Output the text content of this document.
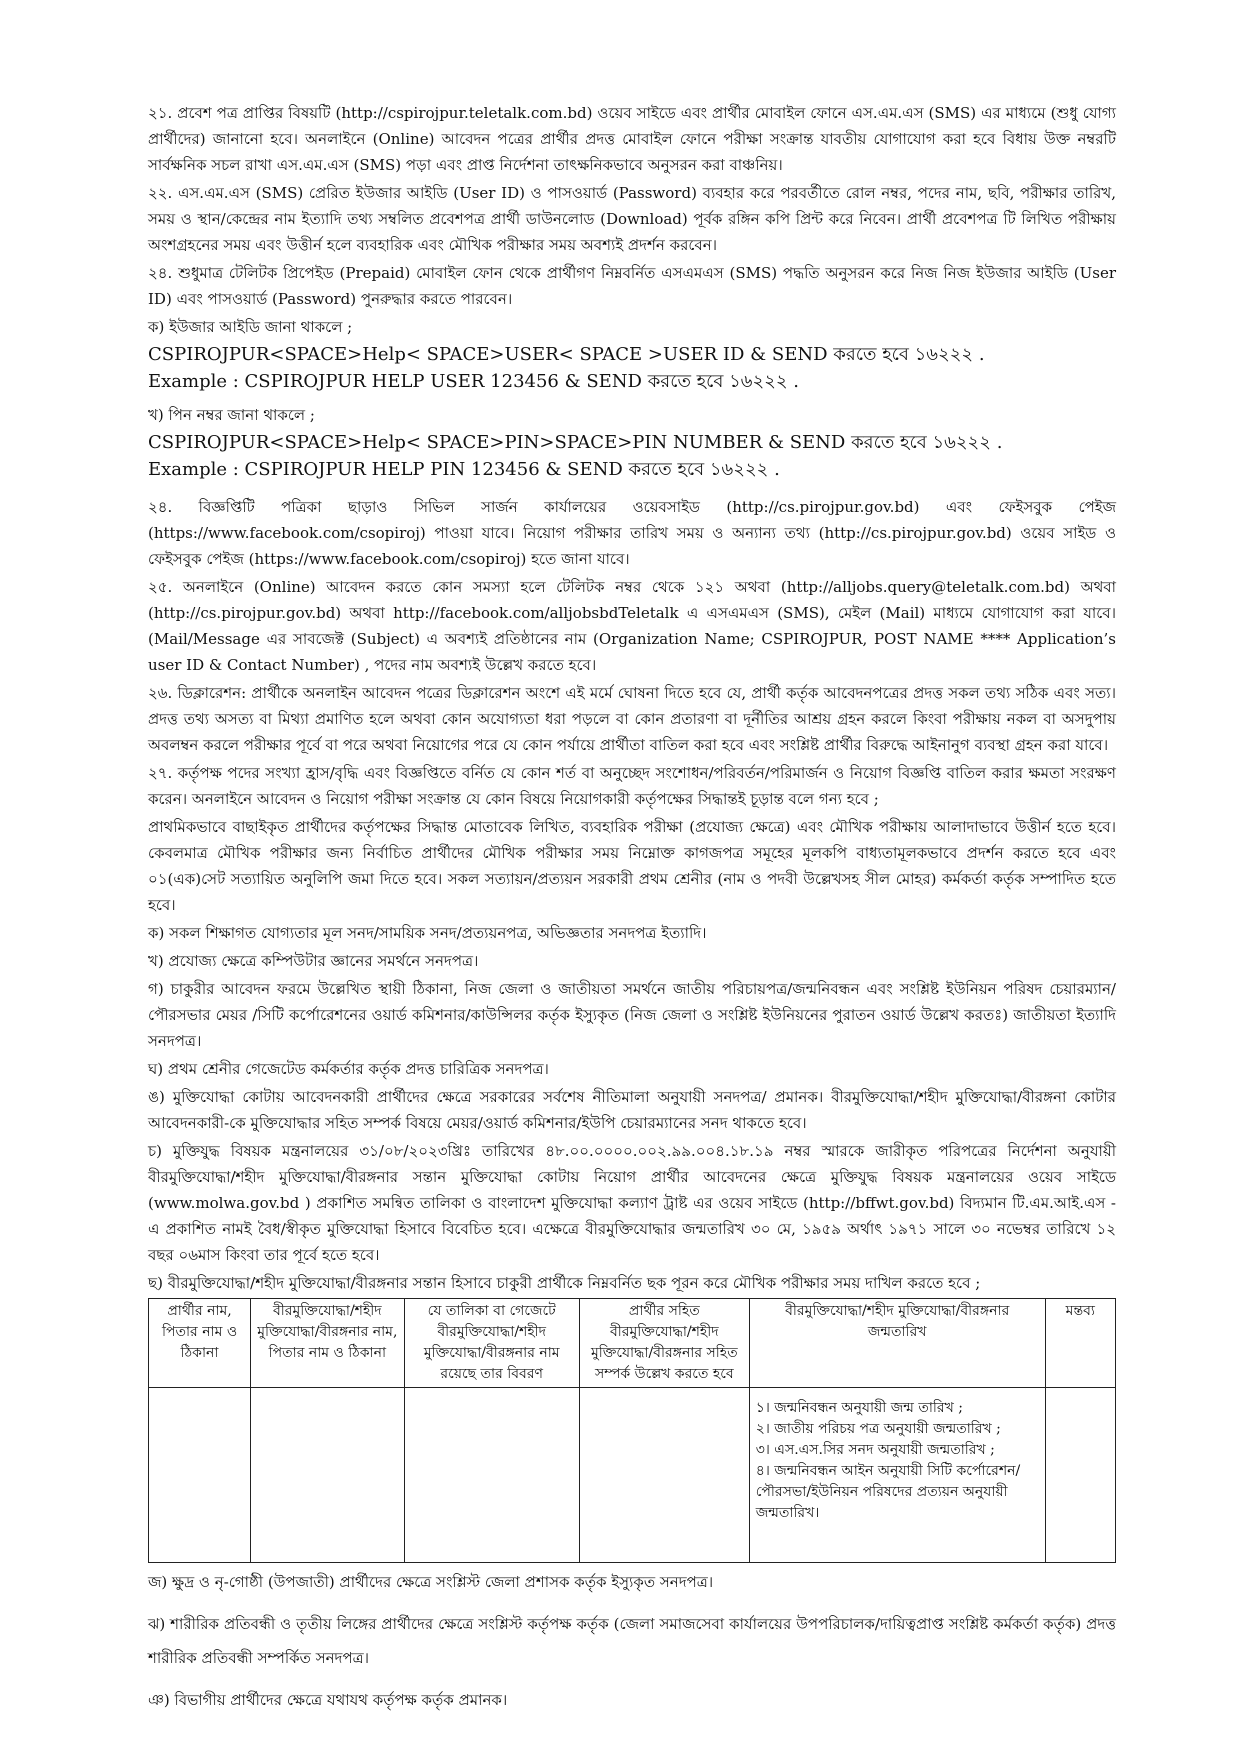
২১. প্রবেশ পত্র প্রাপ্তির বিষয়টি (http://cspirojpur.teletalk.com.bd) ওয়েব সাইডে এবং প্রার্থীর মোবাইল ফোনে এস.এম.এস (SMS) এর মাধ্যমে (শুধু যোগ্য প্রার্থীদের) জানানো হবে। অনলাইনে (Online) আবেদন পত্রের প্রার্থীর প্রদত্ত মোবাইল ফোনে পরীক্ষা সংক্রান্ত যাবতীয় যোগাযোগ করা হবে বিধায় উক্ত নম্বরটি সার্বক্ষনিক সচল রাখা এস.এম.এস (SMS) পড়া এবং প্রাপ্ত নির্দেশনা তাৎক্ষনিকভাবে অনুসরন করা বাঞ্চনিয়।

২২. এস.এম.এস (SMS) প্রেরিত ইউজার আইডি (User ID) ও পাসওয়ার্ড (Password) ব্যবহার করে পরবর্তীতে রোল নম্বর, পদের নাম, ছবি, পরীক্ষার তারিখ, সময় ও স্থান/কেন্দ্রের নাম ইত্যাদি তথ্য সম্বলিত প্রবেশপত্র প্রার্থী ডাউনলোড (Download) পূর্বক রঙ্গিন কপি প্রিন্ট করে নিবেন। প্রার্থী প্রবেশপত্র টি লিখিত পরীক্ষায় অংশগ্রহনের সময় এবং উত্তীর্ন হলে ব্যবহারিক এবং মৌখিক পরীক্ষার সময় অবশ্যই প্রদর্শন করবেন।

২৪. শুধুমাত্র টেলিটক প্রিপেইড (Prepaid) মোবাইল ফোন থেকে প্রার্থীগণ নিম্নবর্নিত এসএমএস (SMS) পদ্ধতি অনুসরন করে নিজ নিজ ইউজার আইডি (User ID) এবং পাসওয়ার্ড (Password) পুনরুদ্ধার করতে পারবেন।

ক) ইউজার আইডি জানা থাকলে ;

CSPIROJPUR<SPACE>Help< SPACE>USER< SPACE >USER ID & SEND করতে হবে ১৬২২২ .

Example : CSPIROJPUR HELP USER 123456 & SEND করতে হবে ১৬২২২ .

খ) পিন নম্বর জানা থাকলে ;

CSPIROJPUR<SPACE>Help< SPACE>PIN>SPACE>PIN NUMBER & SEND করতে হবে ১৬২২২ .

Example : CSPIROJPUR HELP PIN 123456 & SEND করতে হবে ১৬২২২ .

২৪. বিজ্ঞপ্তিটি পত্রিকা ছাড়াও সিভিল সার্জন কার্যালয়ের ওয়েবসাইড (http://cs.pirojpur.gov.bd) এবং ফেইসবুক পেইজ (https://www.facebook.com/csopiroj) পাওয়া যাবে। নিয়োগ পরীক্ষার তারিখ সময় ও অন্যান্য তথ্য (http://cs.pirojpur.gov.bd) ওয়েব সাইড ও ফেইসবুক পেইজ (https://www.facebook.com/csopiroj) হতে জানা যাবে।

২৫. অনলাইনে (Online) আবেদন করতে কোন সমস্যা হলে টেলিটক নম্বর থেকে ১২১ অথবা (http://alljobs.query@teletalk.com.bd) অথবা (http://cs.pirojpur.gov.bd) অথবা http://facebook.com/alljobsbdTeletalk এ এসএমএস (SMS), মেইল (Mail) মাধ্যমে যোগাযোগ করা যাবে। (Mail/Message এর সাবজেক্ট (Subject) এ অবশ্যই প্রতিষ্ঠানের নাম (Organization Name; CSPIROJPUR, POST NAME **** Application’s user ID & Contact Number) , পদের নাম অবশ্যই উল্লেখ করতে হবে।

২৬. ডিক্লারেশন: প্রার্থীকে অনলাইন আবেদন পত্রের ডিক্লারেশন অংশে এই মর্মে ঘোষনা দিতে হবে যে, প্রার্থী কর্তৃক আবেদনপত্রের প্রদত্ত সকল তথ্য সঠিক এবং সত্য। প্রদত্ত তথ্য অসত্য বা মিথ্যা প্রমাণিত হলে অথবা কোন অযোগ্যতা ধরা পড়লে বা কোন প্রতারণা বা দূর্নীতির আশ্রয় গ্রহন করলে কিংবা পরীক্ষায় নকল বা অসদুপায় অবলম্বন করলে পরীক্ষার পূর্বে বা পরে অথবা নিয়োগের পরে যে কোন পর্যায়ে প্রার্থীতা বাতিল করা হবে এবং সংশ্লিষ্ট প্রার্থীর বিরুদ্ধে আইনানুগ ব্যবস্থা গ্রহন করা যাবে।

২৭. কর্তৃপক্ষ পদের সংখ্যা হ্রাস/বৃদ্ধি এবং বিজ্ঞপ্তিতে বর্নিত যে কোন শর্ত বা অনুচ্ছেদ সংশোধন/পরিবর্তন/পরিমার্জন ও নিয়োগ বিজ্ঞপ্তি বাতিল করার ক্ষমতা সংরক্ষণ করেন। অনলাইনে আবেদন ও নিয়োগ পরীক্ষা সংক্রান্ত যে কোন বিষয়ে নিয়োগকারী কর্তৃপক্ষের সিদ্ধান্তই চূড়ান্ত বলে গন্য হবে ;

প্রাথমিকভাবে বাছাইকৃত প্রার্থীদের কর্তৃপক্ষের সিদ্ধান্ত মোতাবেক লিখিত, ব্যবহারিক পরীক্ষা (প্রযোজ্য ক্ষেত্রে) এবং মৌখিক পরীক্ষায় আলাদাভাবে উত্তীর্ন হতে হবে। কেবলমাত্র মৌখিক পরীক্ষার জন্য নির্বাচিত প্রার্থীদের মৌখিক পরীক্ষার সময় নিম্নোক্ত কাগজপত্র সমূহের মূলকপি বাধ্যতামূলকভাবে প্রদর্শন করতে হবে এবং ০১(এক)সেট সত্যায়িত অনুলিপি জমা দিতে হবে। সকল সত্যায়ন/প্রত্যয়ন সরকারী প্রথম শ্রেনীর (নাম ও পদবী উল্লেখসহ সীল মোহর) কর্মকর্তা কর্তৃক সম্পাদিত হতে হবে।

ক) সকল শিক্ষাগত যোগ্যতার মূল সনদ/সাময়িক সনদ/প্রত্যয়নপত্র, অভিজ্ঞতার সনদপত্র ইত্যাদি।

খ) প্রযোজ্য ক্ষেত্রে কম্পিউটার জ্ঞানের সমর্থনে সনদপত্র।

গ) চাকুরীর আবেদন ফরমে উল্লেখিত স্থায়ী ঠিকানা, নিজ জেলা ও জাতীয়তা সমর্থনে জাতীয় পরিচায়পত্র/জন্মনিবন্ধন এবং সংশ্লিষ্ট ইউনিয়ন পরিষদ চেয়ারম্যান/পৌরসভার মেয়র /সিটি কর্পোরেশনের ওয়ার্ড কমিশনার/কাউন্সিলর কর্তৃক ইস্যুকৃত (নিজ জেলা ও সংশ্লিষ্ট ইউনিয়নের পুরাতন ওয়ার্ড উল্লেখ করতঃ) জাতীয়তা ইত্যাদি সনদপত্র।

ঘ) প্রথম শ্রেনীর গেজেটেড কর্মকর্তার কর্তৃক প্রদত্ত চারিত্রিক সনদপত্র।

ঙ) মুক্তিযোদ্ধা কোটায় আবেদনকারী প্রার্থীদের ক্ষেত্রে সরকারের সর্বশেষ নীতিমালা অনুযায়ী সনদপত্র/ প্রমানক। বীরমুক্তিযোদ্ধা/শহীদ মুক্তিযোদ্ধা/বীরঙ্গনা কোটার আবেদনকারী-কে মুক্তিযোদ্ধার সহিত সম্পর্ক বিষয়ে মেয়র/ওয়ার্ড কমিশনার/ইউপি চেয়ারম্যানের সনদ থাকতে হবে।

চ) মুক্তিযুদ্ধ বিষয়ক মন্ত্রনালয়ের ৩১/০৮/২০২৩খ্রিঃ তারিখের ৪৮.০০.০০০০.০০২.৯৯.০০৪.১৮.১৯ নম্বর স্মারকে জারীকৃত পরিপত্রের নির্দেশনা অনুযায়ী বীরমুক্তিযোদ্ধা/শহীদ মুক্তিযোদ্ধা/বীরঙ্গনার সন্তান মুক্তিযোদ্ধা কোটায় নিয়োগ প্রার্থীর আবেদনের ক্ষেত্রে মুক্তিযুদ্ধ বিষয়ক মন্ত্রনালয়ের ওয়েব সাইডে (www.molwa.gov.bd ) প্রকাশিত সমন্বিত তালিকা ও বাংলাদেশ মুক্তিযোদ্ধা কল্যাণ ট্রাষ্ট এর ওয়েব সাইডে (http://bffwt.gov.bd) বিদ্যমান টি.এম.আই.এস - এ প্রকাশিত নামই বৈধ/স্বীকৃত মুক্তিযোদ্ধা হিসাবে বিবেচিত হবে। এক্ষেত্রে বীরমুক্তিযোদ্ধার জন্মতারিখ ৩০ মে, ১৯৫৯ অর্থাৎ ১৯৭১ সালে ৩০ নভেম্বর তারিখে ১২ বছর ০৬মাস কিংবা তার পূর্বে হতে হবে।

ছ) বীরমুক্তিযোদ্ধা/শহীদ মুক্তিযোদ্ধা/বীরঙ্গনার সন্তান হিসাবে চাকুরী প্রার্থীকে নিম্নবর্নিত ছক পূরন করে মৌখিক পরীক্ষার সময় দাখিল করতে হবে ;

প্রার্থীর নাম, পিতার নাম ও ঠিকানা	বীরমুক্তিযোদ্ধা/শহীদ মুক্তিযোদ্ধা/বীরঙ্গনার নাম, পিতার নাম ও ঠিকানা	যে তালিকা বা গেজেটে বীরমুক্তিযোদ্ধা/শহীদ মুক্তিযোদ্ধা/বীরঙ্গনার নাম রয়েছে তার বিবরণ	প্রার্থীর সহিত বীরমুক্তিযোদ্ধা/শহীদ মুক্তিযোদ্ধা/বীরঙ্গনার সহিত সম্পর্ক উল্লেখ করতে হবে	বীরমুক্তিযোদ্ধা/শহীদ মুক্তিযোদ্ধা/বীরঙ্গনার জন্মতারিখ	মন্তব্য

				১। জন্মনিবন্ধন অনুযায়ী জন্ম তারিখ ;
২। জাতীয় পরিচয় পত্র অনুযায়ী জন্মতারিখ ;
৩। এস.এস.সির সনদ অনুযায়ী জন্মতারিখ ;
৪। জন্মনিবন্ধন আইন অনুযায়ী সিটি কর্পোরেশন/পৌরসভা/ইউনিয়ন পরিষদের প্রত্যয়ন অনুযায়ী জন্মতারিখ।	

জ) ক্ষুদ্র ও নৃ-গোষ্ঠী (উপজাতী) প্রার্থীদের ক্ষেত্রে সংশ্লিস্ট জেলা প্রশাসক কর্তৃক ইস্যুকৃত সনদপত্র।

ঝ) শারীরিক প্রতিবন্ধী ও তৃতীয় লিঙ্গের প্রার্থীদের ক্ষেত্রে সংশ্লিস্ট কর্তৃপক্ষ কর্তৃক (জেলা সমাজসেবা কার্যালয়ের উপপরিচালক/দায়িত্বপ্রাপ্ত সংশ্লিষ্ট কর্মকর্তা কর্তৃক) প্রদত্ত শারীরিক প্রতিবন্ধী সম্পর্কিত সনদপত্র।

ঞ) বিভাগীয় প্রার্থীদের ক্ষেত্রে যথাযথ কর্তৃপক্ষ কর্তৃক প্রমানক।
